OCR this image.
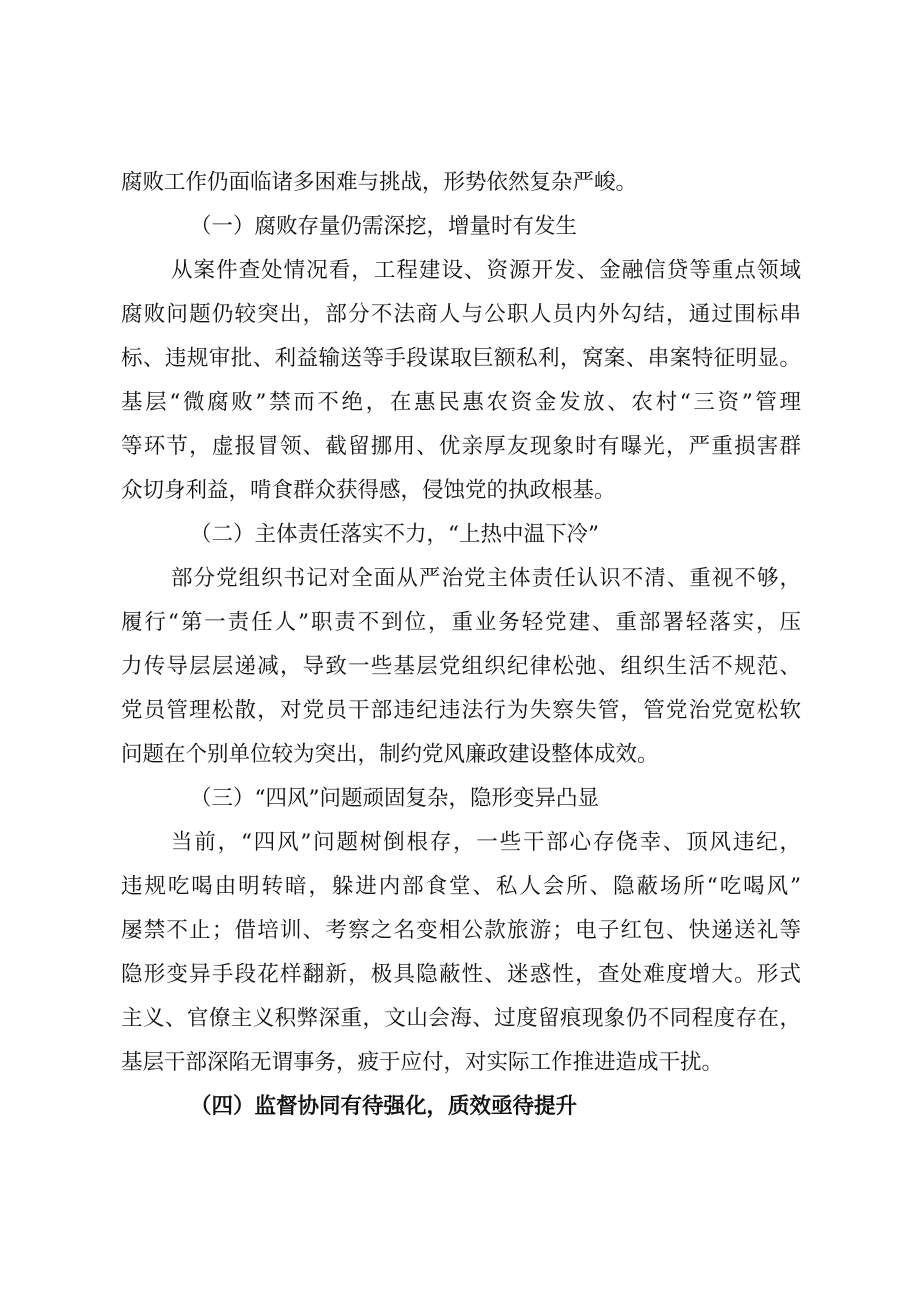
腐败工作仍面临诸多困难与挑战，形势依然复杂严峻。
（一）腐败存量仍需深挖，增量时有发生
从案件查处情况看，工程建设、资源开发、金融信贷等重点领域
腐败问题仍较突出，部分不法商人与公职人员内外勾结，通过围标串
标、违规审批、利益输送等手段谋取巨额私利，窝案、串案特征明显。
基层“微腐败”禁而不绝，在惠民惠农资金发放、农村“三资”管理
等环节，虚报冒领、截留挪用、优亲厚友现象时有曝光，严重损害群
众切身利益，啃食群众获得感，侵蚀党的执政根基。
（二）主体责任落实不力，“上热中温下冷”
部分党组织书记对全面从严治党主体责任认识不清、重视不够，
履行“第一责任人”职责不到位，重业务轻党建、重部署轻落实，压
力传导层层递减，导致一些基层党组织纪律松弛、组织生活不规范、
党员管理松散，对党员干部违纪违法行为失察失管，管党治党宽松软
问题在个别单位较为突出，制约党风廉政建设整体成效。
（三）“四风”问题顽固复杂，隐形变异凸显
当前，“四风”问题树倒根存，一些干部心存侥幸、顶风违纪，
违规吃喝由明转暗，躲进内部食堂、私人会所、隐蔽场所“吃喝风”
屡禁不止；借培训、考察之名变相公款旅游；电子红包、快递送礼等
隐形变异手段花样翻新，极具隐蔽性、迷惑性，查处难度增大。形式
主义、官僚主义积弊深重，文山会海、过度留痕现象仍不同程度存在，
基层干部深陷无谓事务，疲于应付，对实际工作推进造成干扰。
（四）监督协同有待强化，质效亟待提升
